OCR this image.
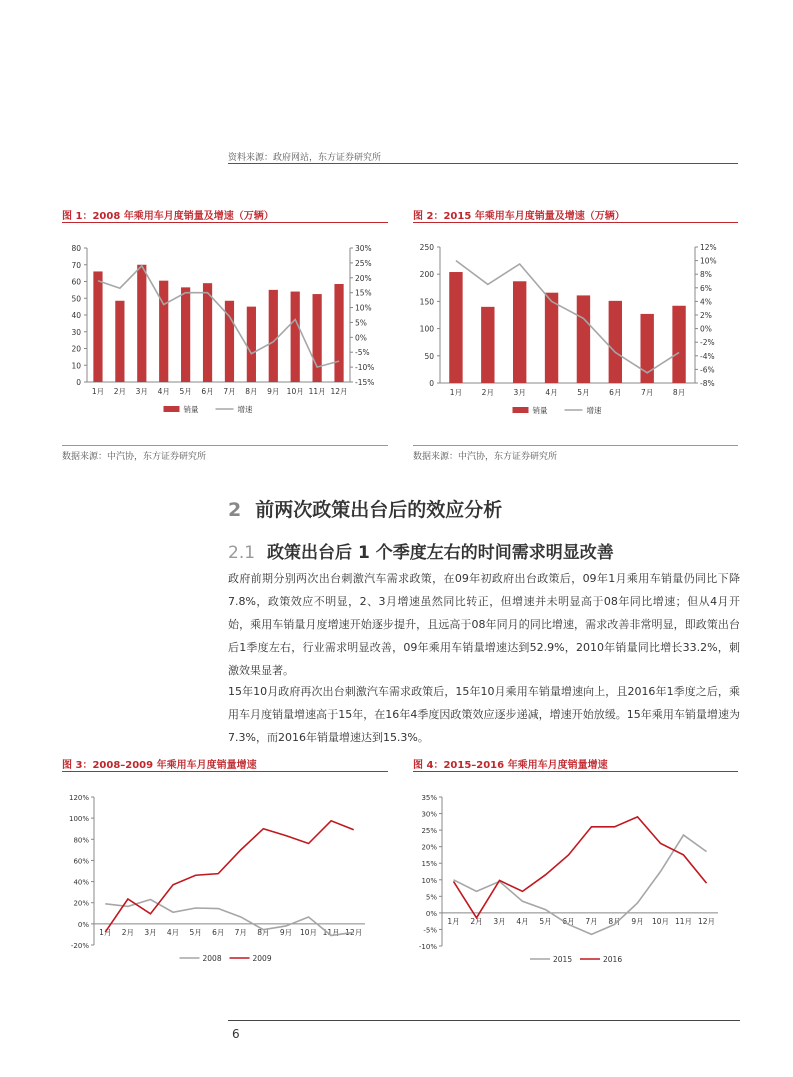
资料来源：政府网站，东方证券研究所
图 1：2008 年乘用车月度销量及增速（万辆）
0
10
20
30
40
50
60
70
80
-15%
-10%
-5%
0%
5%
10%
15%
20%
25%
30%
1月 2月 3月 4月 5月 6月 7月 8月 9月 10月 11月 12月
销量	增速
数据来源：中汽协，东方证券研究所
图 2：2015 年乘用车月度销量及增速（万辆）
0
50
100
150
200
250
-8%
-6%
-4%
-2%
0%
2%
4%
6%
8%
10%
12%
1月	2月	3月	4月	5月	6月	7月	8月
销量	增速
数据来源：中汽协，东方证券研究所
2 前两次政策出台后的效应分析
2.1 政策出台后 1 个季度左右的时间需求明显改善
政府前期分别两次出台刺激汽车需求政策，在09年初政府出台政策后，09年1月乘用车销量仍同比下降7.8%，政策效应不明显，2、3月增速虽然同比转正，但增速并未明显高于08年同比增速；但从4月开始，乘用车销量月度增速开始逐步提升，且远高于08年同月的同比增速，需求改善非常明显，即政策出台后1季度左右，行业需求明显改善，09年乘用车销量增速达到52.9%，2010年销量同比增长33.2%，刺激效果显著。
15年10月政府再次出台刺激汽车需求政策后，15年10月乘用车销量增速向上，且2016年1季度之后，乘用车月度销量增速高于15年，在16年4季度因政策效应逐步递减，增速开始放缓。15年乘用车销量增速为7.3%，而2016年销量增速达到15.3%。
图 3：2008–2009 年乘用车月度销量增速
-20%
0%
20%
40%
60%
80%
100%
120%
1月 2月 3月 4月 5月 6月 7月 8月 9月 10月 11月 12月
2008	2009
图 4：2015–2016 年乘用车月度销量增速
-10%
-5%
0%
5%
10%
15%
20%
25%
30%
35%
1月 2月 3月 4月 5月 6月 7月 8月 9月 10月 11月 12月
2015	2016
6
